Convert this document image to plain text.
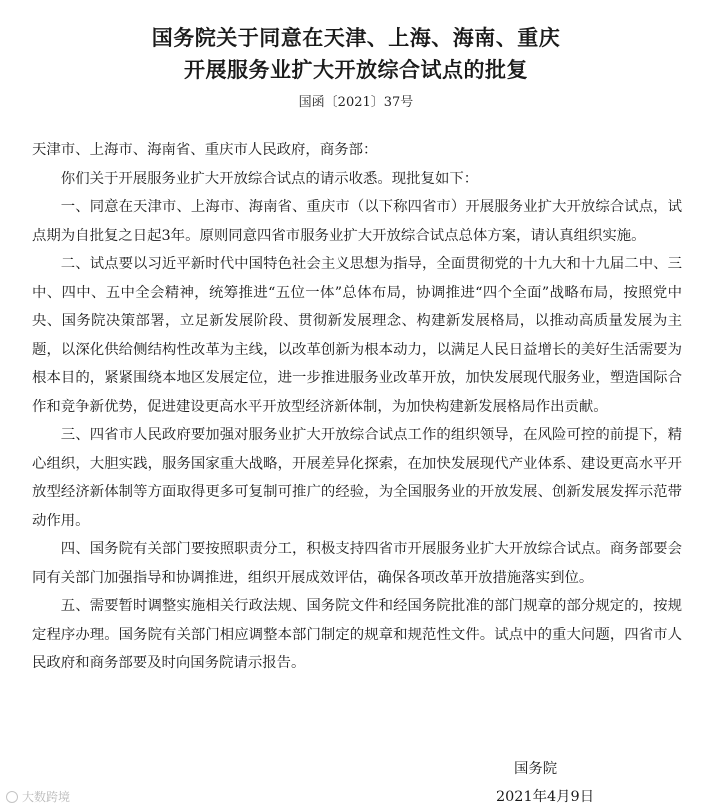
国务院关于同意在天津、上海、海南、重庆
开展服务业扩大开放综合试点的批复
国函〔2021〕37号

天津市、上海市、海南省、重庆市人民政府，商务部：

你们关于开展服务业扩大开放综合试点的请示收悉。现批复如下：

一、同意在天津市、上海市、海南省、重庆市（以下称四省市）开展服务业扩大开放综合试点，试点期为自批复之日起3年。原则同意四省市服务业扩大开放综合试点总体方案，请认真组织实施。

二、试点要以习近平新时代中国特色社会主义思想为指导，全面贯彻党的十九大和十九届二中、三中、四中、五中全会精神，统筹推进“五位一体”总体布局，协调推进“四个全面”战略布局，按照党中央、国务院决策部署，立足新发展阶段、贯彻新发展理念、构建新发展格局，以推动高质量发展为主题，以深化供给侧结构性改革为主线，以改革创新为根本动力，以满足人民日益增长的美好生活需要为根本目的，紧紧围绕本地区发展定位，进一步推进服务业改革开放，加快发展现代服务业，塑造国际合作和竞争新优势，促进建设更高水平开放型经济新体制，为加快构建新发展格局作出贡献。

三、四省市人民政府要加强对服务业扩大开放综合试点工作的组织领导，在风险可控的前提下，精心组织，大胆实践，服务国家重大战略，开展差异化探索，在加快发展现代产业体系、建设更高水平开放型经济新体制等方面取得更多可复制可推广的经验，为全国服务业的开放发展、创新发展发挥示范带动作用。

四、国务院有关部门要按照职责分工，积极支持四省市开展服务业扩大开放综合试点。商务部要会同有关部门加强指导和协调推进，组织开展成效评估，确保各项改革开放措施落实到位。

五、需要暂时调整实施相关行政法规、国务院文件和经国务院批准的部门规章的部分规定的，按规定程序办理。国务院有关部门相应调整本部门制定的规章和规范性文件。试点中的重大问题，四省市人民政府和商务部要及时向国务院请示报告。

国务院
2021年4月9日
大数跨境
